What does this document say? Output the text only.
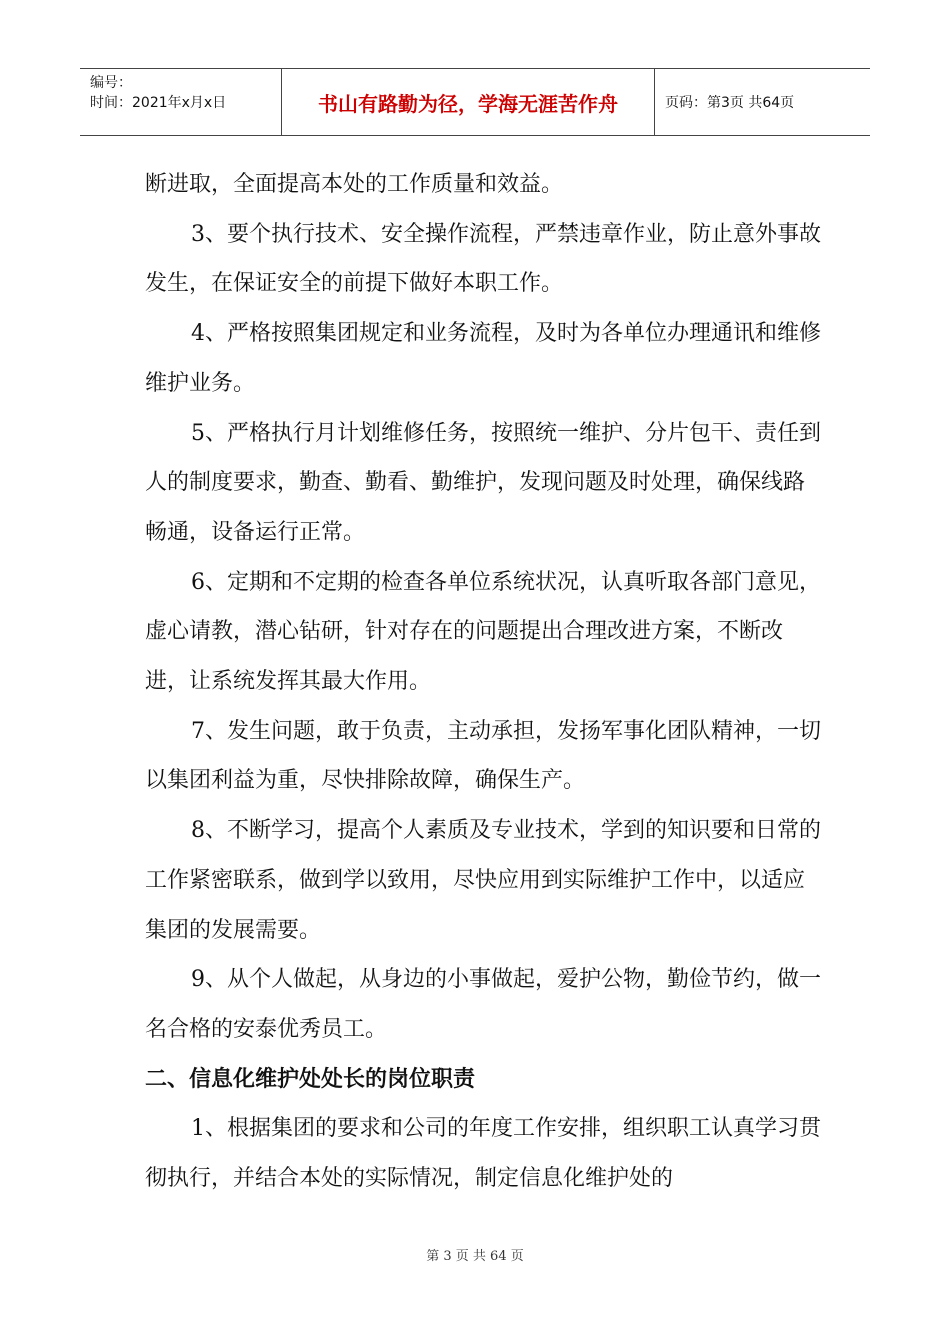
编号：
时间：2021年x月x日	书山有路勤为径，学海无涯苦作舟	页码：第3页 共64页

断进取，全面提高本处的工作质量和效益。

3、要个执行技术、安全操作流程，严禁违章作业，防止意外事故发生，在保证安全的前提下做好本职工作。

4、严格按照集团规定和业务流程，及时为各单位办理通讯和维修维护业务。

5、严格执行月计划维修任务，按照统一维护、分片包干、责任到人的制度要求，勤查、勤看、勤维护，发现问题及时处理，确保线路畅通，设备运行正常。

6、定期和不定期的检查各单位系统状况，认真听取各部门意见，虚心请教，潜心钻研，针对存在的问题提出合理改进方案，不断改进，让系统发挥其最大作用。

7、发生问题，敢于负责，主动承担，发扬军事化团队精神，一切以集团利益为重，尽快排除故障，确保生产。

8、不断学习，提高个人素质及专业技术，学到的知识要和日常的工作紧密联系，做到学以致用，尽快应用到实际维护工作中，以适应集团的发展需要。

9、从个人做起，从身边的小事做起，爱护公物，勤俭节约，做一名合格的安泰优秀员工。

二、信息化维护处处长的岗位职责

1、根据集团的要求和公司的年度工作安排，组织职工认真学习贯彻执行，并结合本处的实际情况，制定信息化维护处的

第 3 页 共 64 页
